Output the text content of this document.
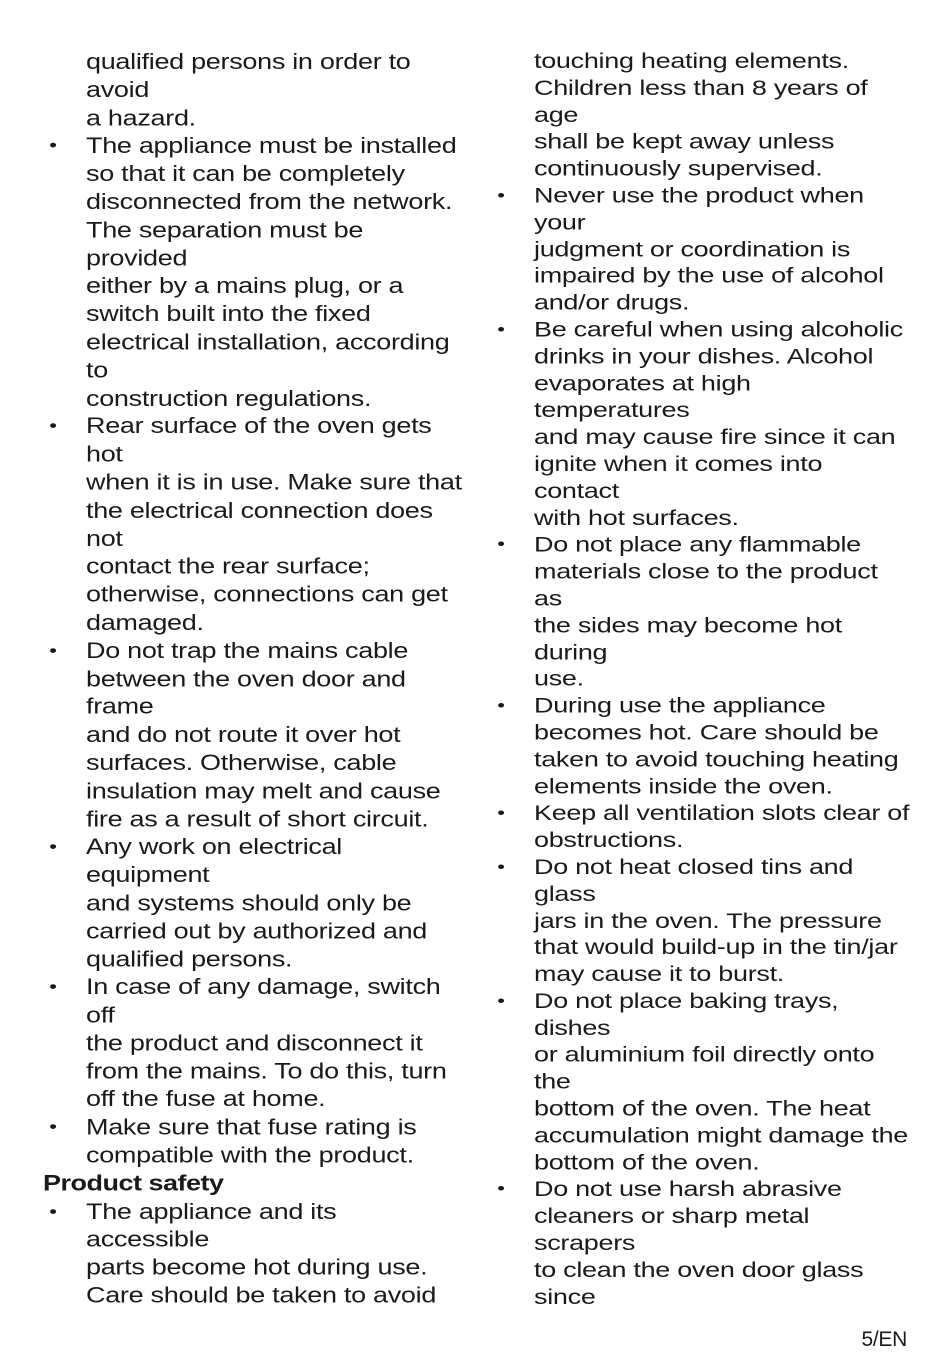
qualified persons in order to avoid
a hazard.
• The appliance must be installed
so that it can be completely
disconnected from the network.
The separation must be provided
either by a mains plug, or a
switch built into the fixed
electrical installation, according to
construction regulations.
• Rear surface of the oven gets hot
when it is in use. Make sure that
the electrical connection does not
contact the rear surface;
otherwise, connections can get
damaged.
• Do not trap the mains cable
between the oven door and frame
and do not route it over hot
surfaces. Otherwise, cable
insulation may melt and cause
fire as a result of short circuit.
• Any work on electrical equipment
and systems should only be
carried out by authorized and
qualified persons.
• In case of any damage, switch off
the product and disconnect it
from the mains. To do this, turn
off the fuse at home.
• Make sure that fuse rating is
compatible with the product.
Product safety
• The appliance and its accessible
parts become hot during use.
Care should be taken to avoid
touching heating elements.
Children less than 8 years of age
shall be kept away unless
continuously supervised.
• Never use the product when your
judgment or coordination is
impaired by the use of alcohol
and/or drugs.
• Be careful when using alcoholic
drinks in your dishes. Alcohol
evaporates at high temperatures
and may cause fire since it can
ignite when it comes into contact
with hot surfaces.
• Do not place any flammable
materials close to the product as
the sides may become hot during
use.
• During use the appliance
becomes hot. Care should be
taken to avoid touching heating
elements inside the oven.
• Keep all ventilation slots clear of
obstructions.
• Do not heat closed tins and glass
jars in the oven. The pressure
that would build-up in the tin/jar
may cause it to burst.
• Do not place baking trays, dishes
or aluminium foil directly onto the
bottom of the oven. The heat
accumulation might damage the
bottom of the oven.
• Do not use harsh abrasive
cleaners or sharp metal scrapers
to clean the oven door glass since
5/EN
